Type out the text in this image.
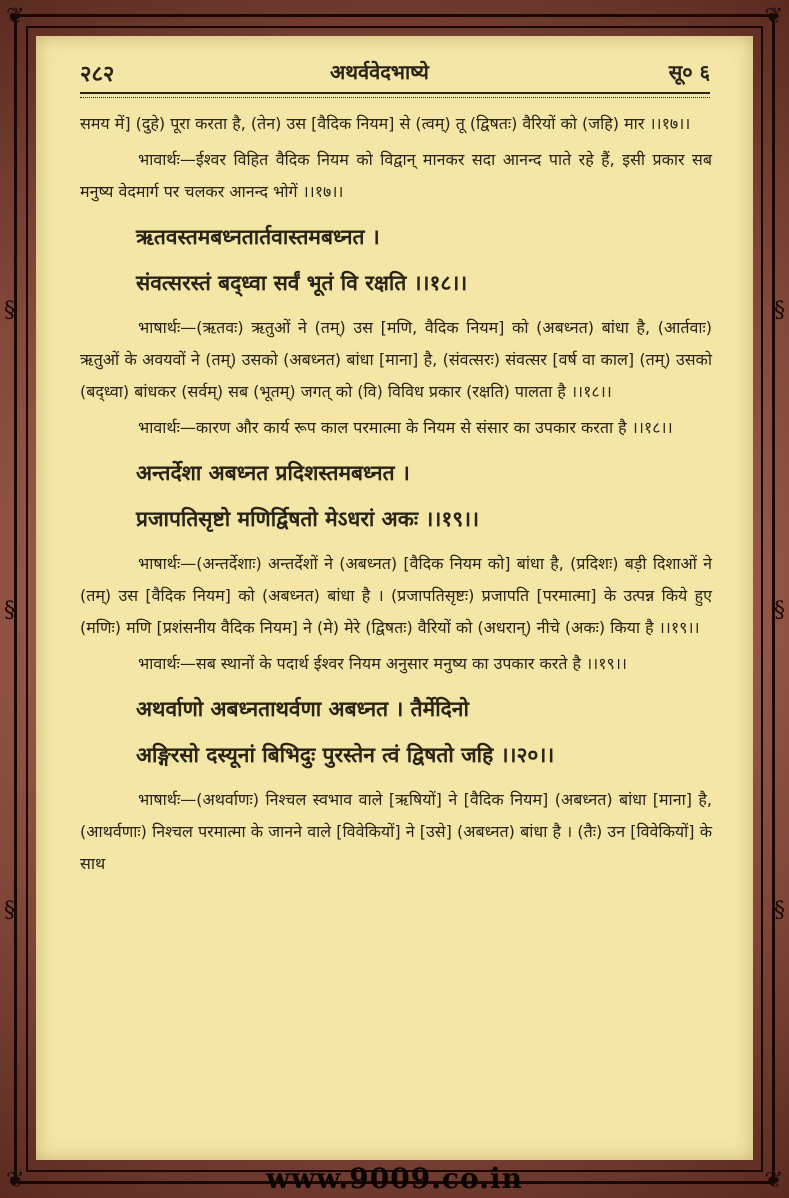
❦	❦
❦	❦
§
§
§
§
§
§
२८२	अथर्ववेदभाष्ये	सू० ६

समय में] (दुहे) पूरा करता है, (तेन) उस [वैदिक नियम] से (त्वम्) तू (द्विषतः) वैरियों को (जहि) मार ।।१७।।

भावार्थः—ईश्वर विहित वैदिक नियम को विद्वान् मानकर सदा आनन्द पाते रहे हैं, इसी प्रकार सब मनुष्य वेदमार्ग पर चलकर आनन्द भोगें ।।१७।।

ऋतवस्तमबध्नतार्तवास्तमबध्नत ।
संवत्सरस्तं बद्ध्वा सर्वं भूतं वि रक्षति ।।१८।।

भाषार्थः—(ऋतवः) ऋतुओं ने (तम्) उस [मणि, वैदिक नियम] को (अबध्नत) बांधा है, (आर्तवाः) ऋतुओं के अवयवों ने (तम्) उसको (अबध्नत) बांधा [माना] है, (संवत्सरः) संवत्सर [वर्ष वा काल] (तम्) उसको (बद्ध्वा) बांधकर (सर्वम्) सब (भूतम्) जगत् को (वि) विविध प्रकार (रक्षति) पालता है ।।१८।।

भावार्थः—कारण और कार्य रूप काल परमात्मा के नियम से संसार का उपकार करता है ।।१८।।

अन्तर्देशा अबध्नत प्रदिशस्तमबध्नत ।
प्रजापतिसृष्टो मणिर्द्विषतो मेऽधरां अकः ।।१९।।

भाषार्थः—(अन्तर्देशाः) अन्तर्देशों ने (अबध्नत) [वैदिक नियम को] बांधा है, (प्रदिशः) बड़ी दिशाओं ने (तम्) उस [वैदिक नियम] को (अबध्नत) बांधा है । (प्रजापतिसृष्टः) प्रजापति [परमात्मा] के उत्पन्न किये हुए (मणिः) मणि [प्रशंसनीय वैदिक नियम] ने (मे) मेरे (द्विषतः) वैरियों को (अधरान्) नीचे (अकः) किया है ।।१९।।

भावार्थः—सब स्थानों के पदार्थ ईश्वर नियम अनुसार मनुष्य का उपकार करते है ।।१९।।

अथर्वाणो अबध्नताथर्वणा अबध्नत । तैर्मेदिनो
अङ्गिरसो दस्यूनां बिभिदुः पुरस्तेन त्वं द्विषतो जहि ।।२०।।

भाषार्थः—(अथर्वाणः) निश्चल स्वभाव वाले [ऋषियों] ने [वैदिक नियम] (अबध्नत) बांधा [माना] है, (आथर्वणाः) निश्चल परमात्मा के जानने वाले [विवेकियों] ने [उसे] (अबध्नत) बांधा है । (तैः) उन [विवेकियों] के साथ

www.9009.co.in
